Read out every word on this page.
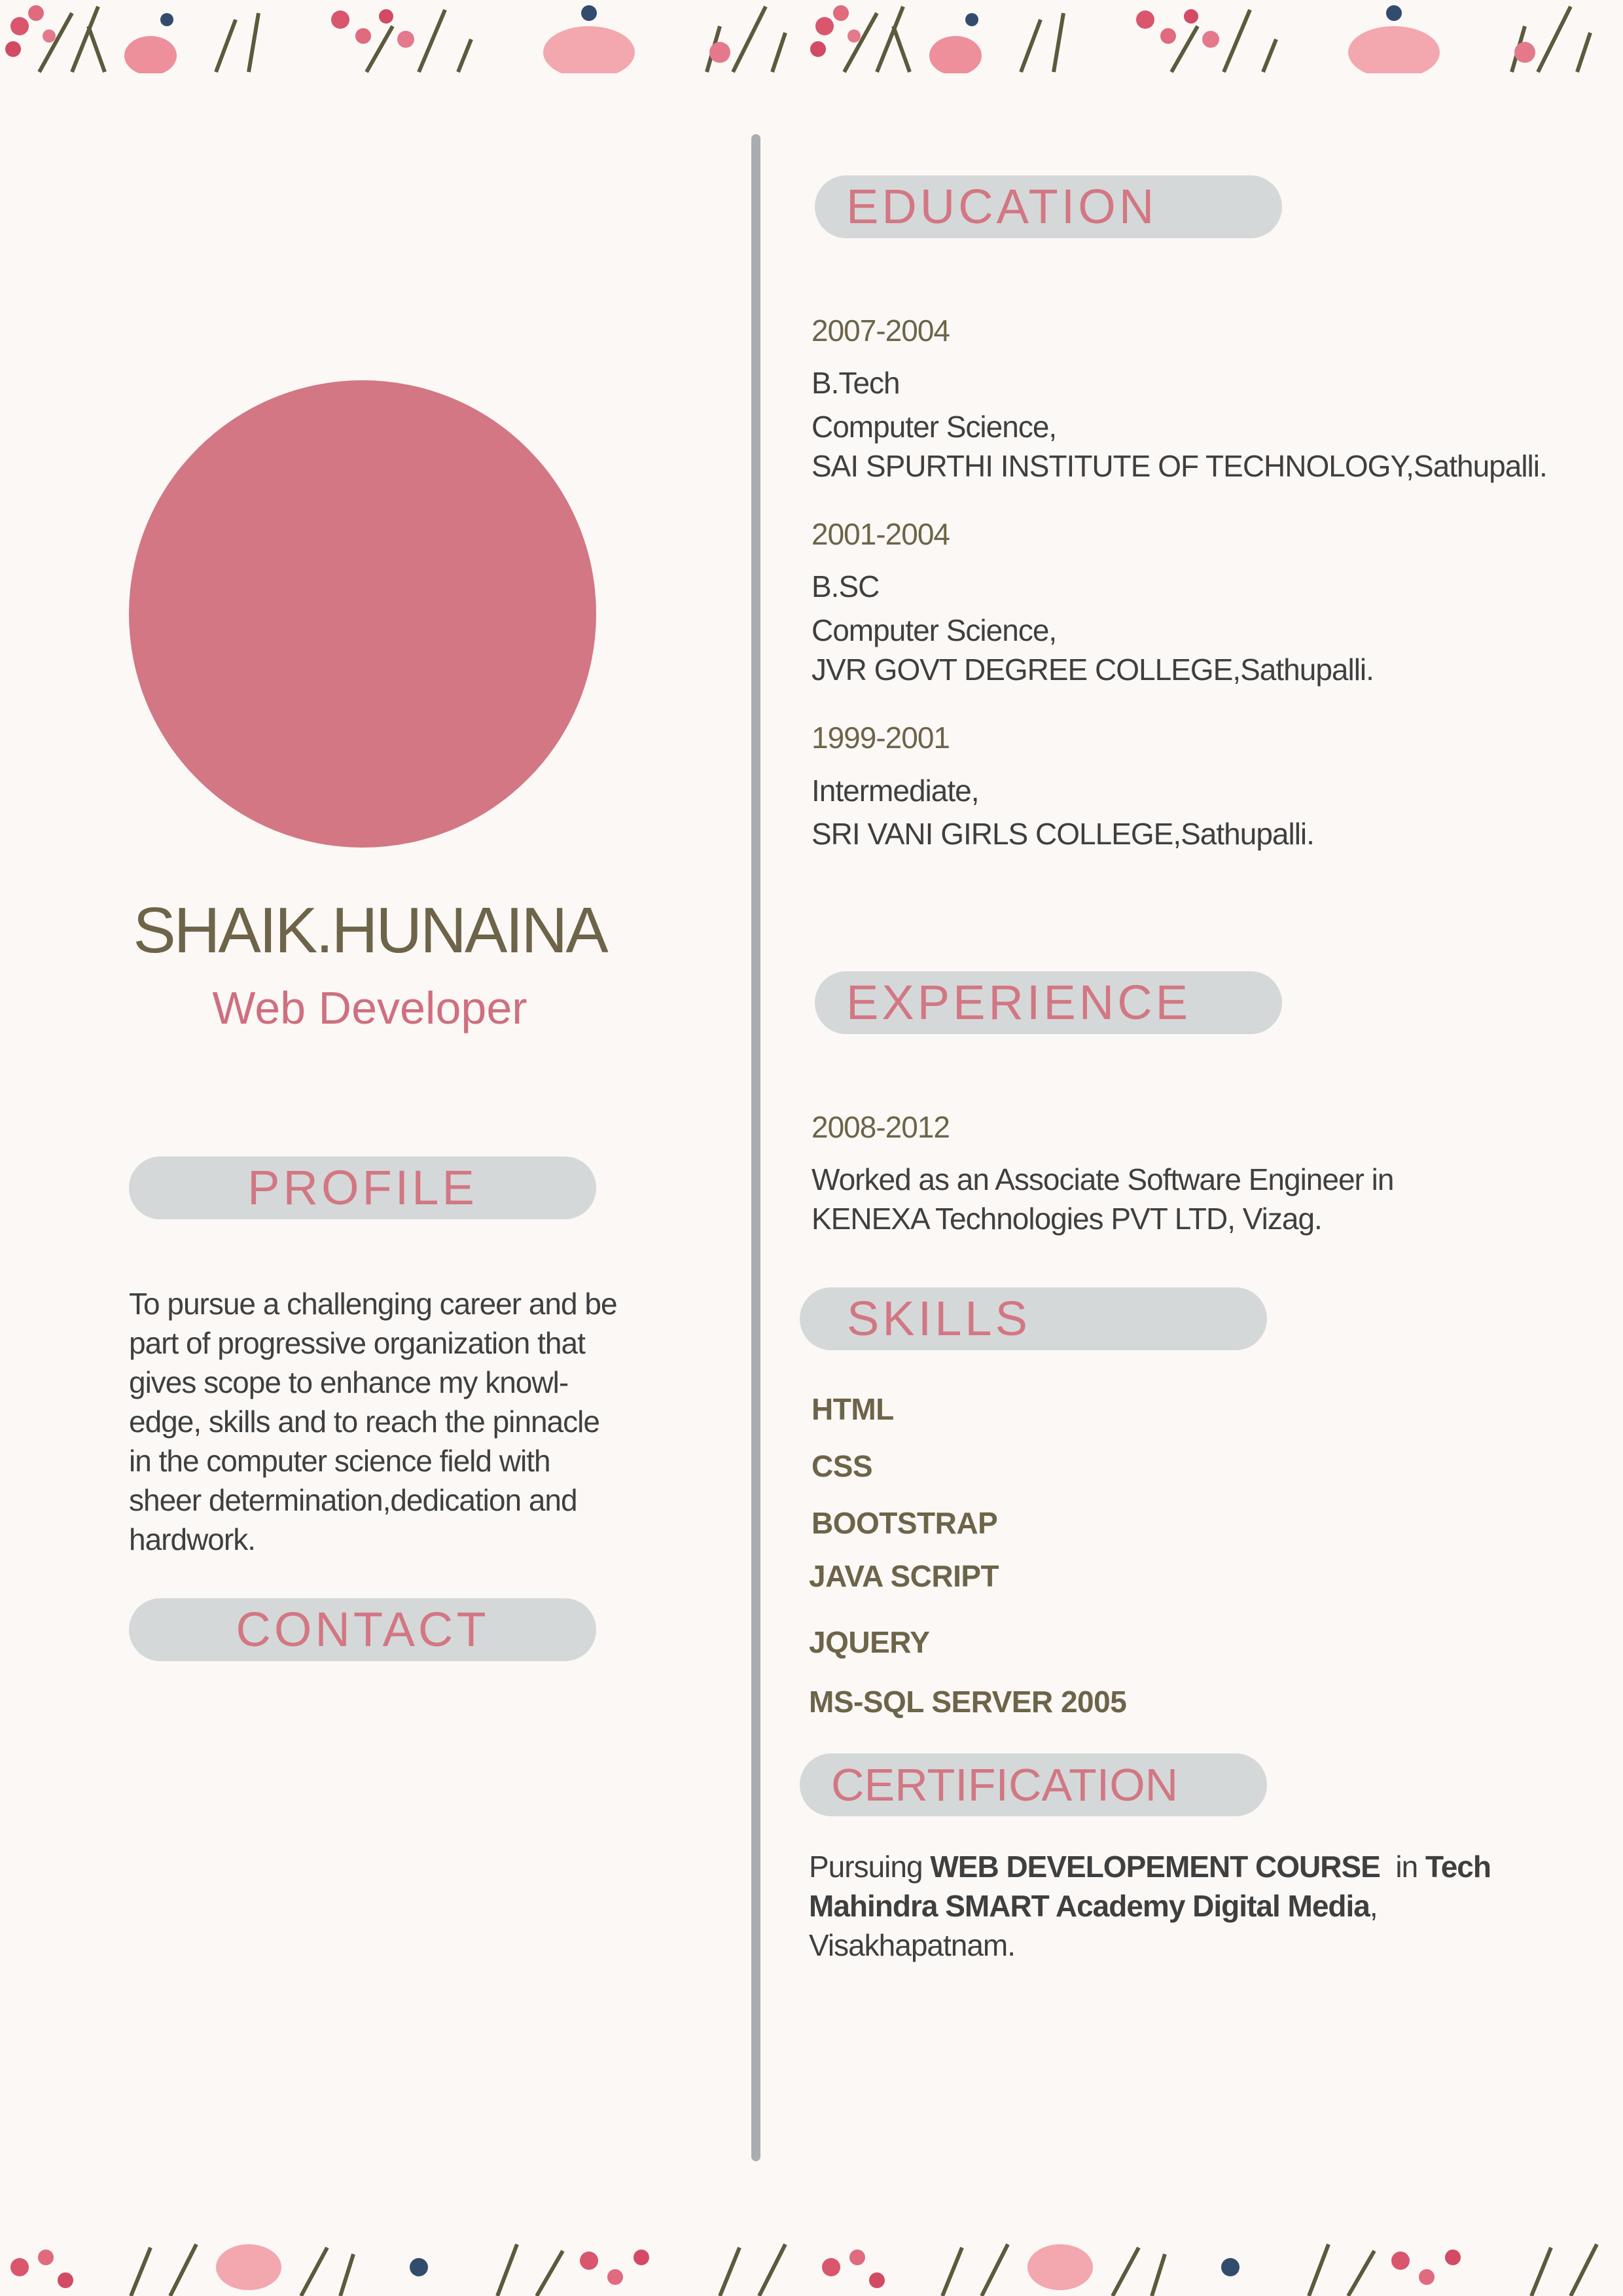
SHAIK.HUNAINA
Web Developer
PROFILE
To pursue a challenging career and be
part of progressive organization that
gives scope to enhance my knowl-
edge, skills and to reach the pinnacle
in the computer science field with
sheer determination,dedication and
hardwork.
CONTACT
EDUCATION
2007-2004
B.Tech
Computer Science,
SAI SPURTHI INSTITUTE OF TECHNOLOGY,Sathupalli.
2001-2004
B.SC
Computer Science,
JVR GOVT DEGREE COLLEGE,Sathupalli.
1999-2001
Intermediate,
SRI VANI GIRLS COLLEGE,Sathupalli.
EXPERIENCE
2008-2012
Worked as an Associate Software Engineer in
KENEXA Technologies PVT LTD, Vizag.
SKILLS
HTML
CSS
BOOTSTRAP
JAVA SCRIPT
JQUERY
MS-SQL SERVER 2005
CERTIFICATION
Pursuing WEB DEVELOPEMENT COURSE  in Tech
Mahindra SMART Academy Digital Media,
Visakhapatnam.
